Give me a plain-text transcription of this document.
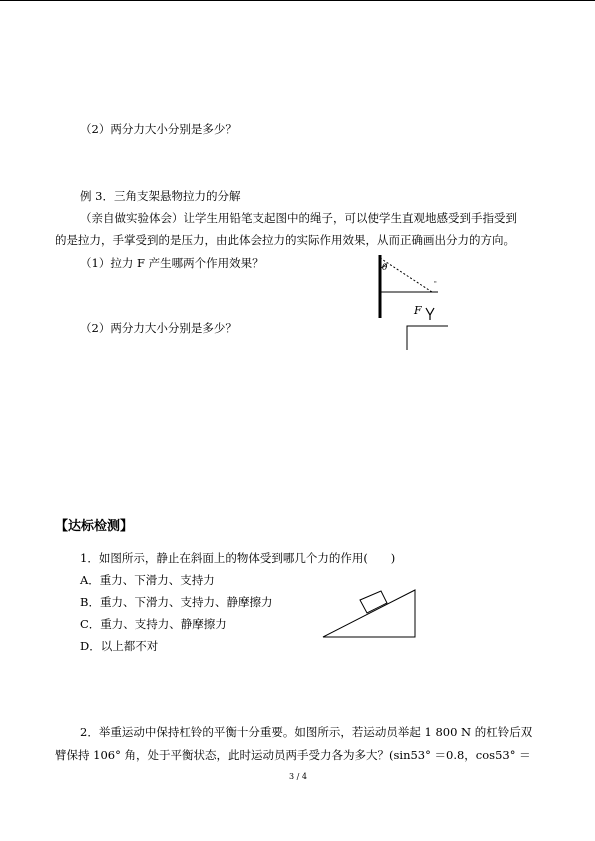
（2）两分力大小分别是多少？
例 3．三角支架悬物拉力的分解
（亲自做实验体会）让学生用铅笔支起图中的绳子，可以使学生直观地感受到手指受到
的是拉力，手掌受到的是压力，由此体会拉力的实际作用效果，从而正确画出分力的方向。
（1）拉力 F 产生哪两个作用效果？
（2）两分力大小分别是多少？
θ
"
F
【达标检测】
1．如图所示，静止在斜面上的物体受到哪几个力的作用(　　)
A．重力、下滑力、支持力
B．重力、下滑力、支持力、静摩擦力
C．重力、支持力、静摩擦力
D．以上都不对
2．举重运动中保持杠铃的平衡十分重要。如图所示，若运动员举起 1 800 N 的杠铃后双
臂保持 106° 角，处于平衡状态，此时运动员两手受力各为多大？(sin53° ＝0.8，cos53° ＝
3 / 4
